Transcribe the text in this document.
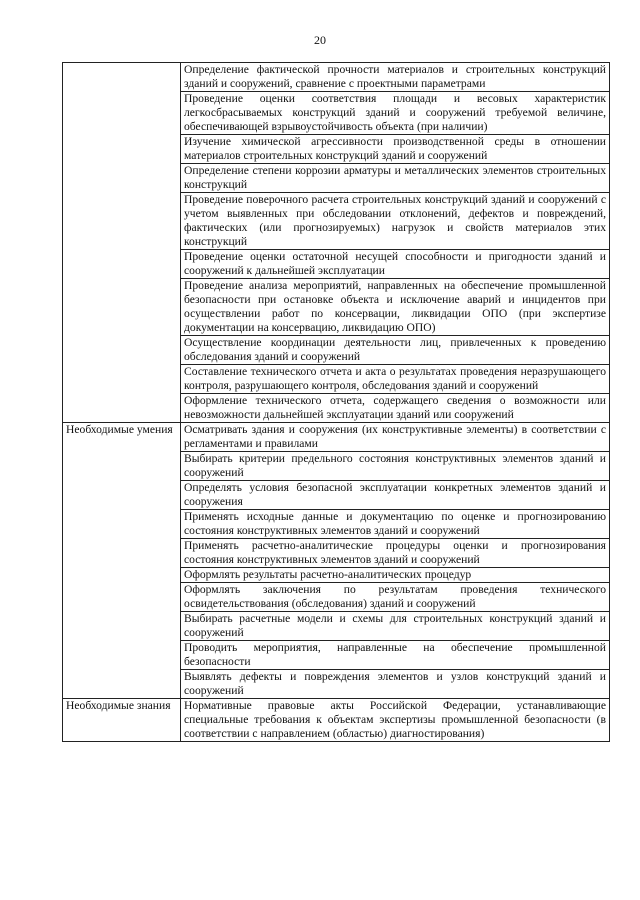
20
	Определение фактической прочности материалов и строительных конструкций зданий и сооружений, сравнение с проектными параметрами
	Проведение оценки соответствия площади и весовых характеристик легкосбрасываемых конструкций зданий и сооружений требуемой величине, обеспечивающей взрывоустойчивость объекта (при наличии)
	Изучение химической агрессивности производственной среды в отношении материалов строительных конструкций зданий и сооружений
	Определение степени коррозии арматуры и металлических элементов строительных конструкций
	Проведение поверочного расчета строительных конструкций зданий и сооружений с учетом выявленных при обследовании отклонений, дефектов и повреждений, фактических (или прогнозируемых) нагрузок и свойств материалов этих конструкций
	Проведение оценки остаточной несущей способности и пригодности зданий и сооружений к дальнейшей эксплуатации
	Проведение анализа мероприятий, направленных на обеспечение промышленной безопасности при остановке объекта и исключение аварий и инцидентов при осуществлении работ по консервации, ликвидации ОПО (при экспертизе документации на консервацию, ликвидацию ОПО)
	Осуществление координации деятельности лиц, привлеченных к проведению обследования зданий и сооружений
	Составление технического отчета и акта о результатах проведения неразрушающего контроля, разрушающего контроля, обследования зданий и сооружений
	Оформление технического отчета, содержащего сведения о возможности или невозможности дальнейшей эксплуатации зданий или сооружений
Необходимые умения	Осматривать здания и сооружения (их конструктивные элементы) в соответствии с регламентами и правилами
	Выбирать критерии предельного состояния конструктивных элементов зданий и сооружений
	Определять условия безопасной эксплуатации конкретных элементов зданий и сооружения
	Применять исходные данные и документацию по оценке и прогнозированию состояния конструктивных элементов зданий и сооружений
	Применять расчетно-аналитические процедуры оценки и прогнозирования состояния конструктивных элементов зданий и сооружений
	Оформлять результаты расчетно-аналитических процедур
	Оформлять заключения по результатам проведения технического освидетельствования (обследования) зданий и сооружений
	Выбирать расчетные модели и схемы для строительных конструкций зданий и сооружений
	Проводить мероприятия, направленные на обеспечение промышленной безопасности
	Выявлять дефекты и повреждения элементов и узлов конструкций зданий и сооружений
Необходимые знания	Нормативные правовые акты Российской Федерации, устанавливающие специальные требования к объектам экспертизы промышленной безопасности (в соответствии с направлением (областью) диагностирования)
